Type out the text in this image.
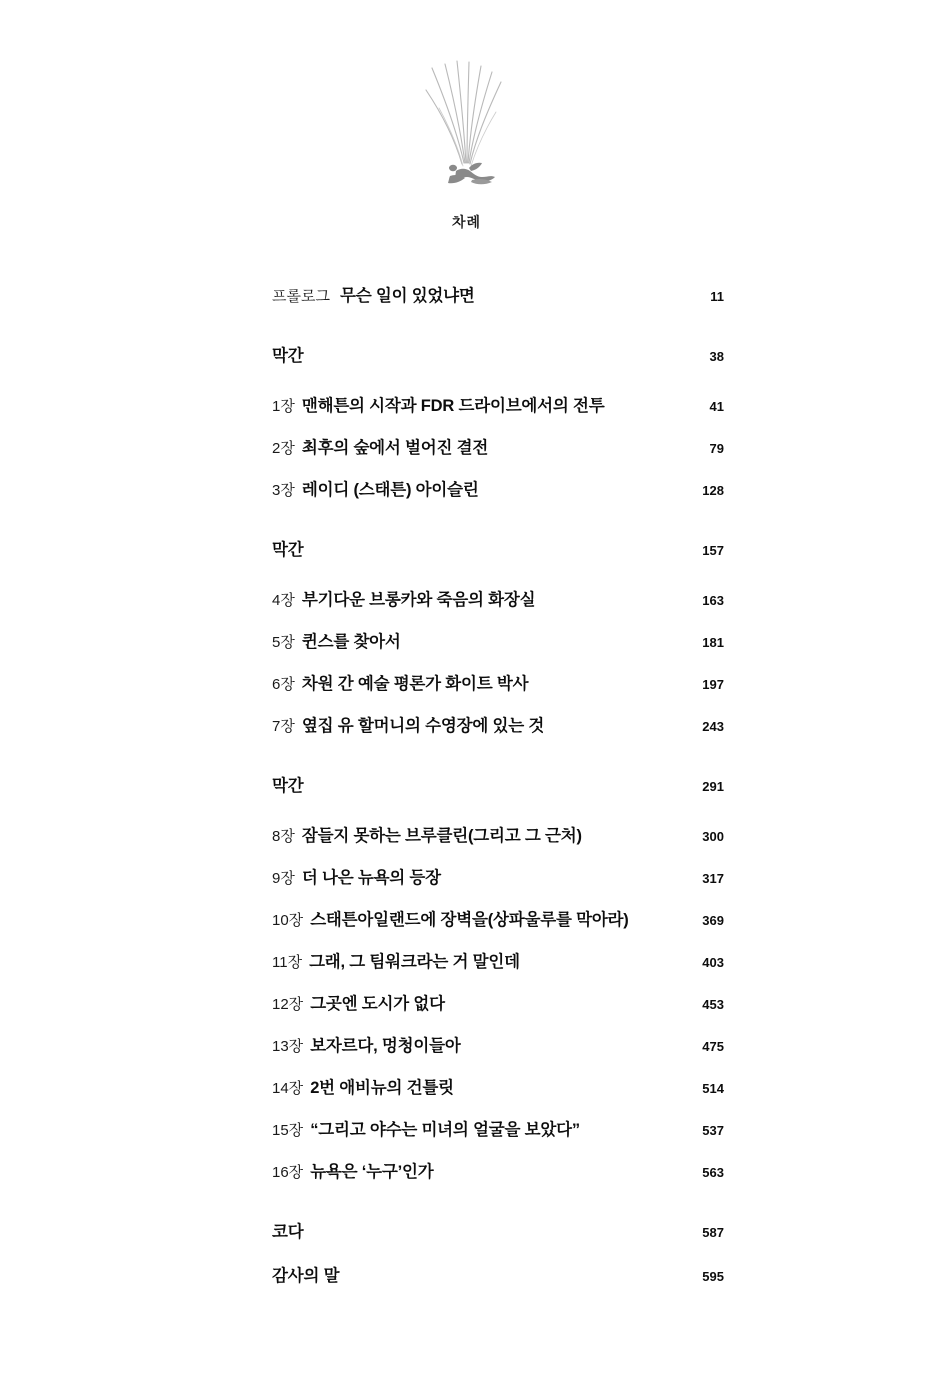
차례
프롤로그 무슨 일이 있었냐면	11
막간	38
1장 맨해튼의 시작과 FDR 드라이브에서의 전투	41
2장 최후의 숲에서 벌어진 결전	79
3장 레이디 (스태튼) 아이슬린	128
막간	157
4장 부기다운 브롱카와 죽음의 화장실	163
5장 퀸스를 찾아서	181
6장 차원 간 예술 평론가 화이트 박사	197
7장 옆집 유 할머니의 수영장에 있는 것	243
막간	291
8장 잠들지 못하는 브루클린(그리고 그 근처)	300
9장 더 나은 뉴욕의 등장	317
10장 스태튼아일랜드에 장벽을(상파울루를 막아라)	369
11장 그래, 그 팀워크라는 거 말인데	403
12장 그곳엔 도시가 없다	453
13장 보자르다, 멍청이들아	475
14장 2번 애비뉴의 건틀릿	514
15장 “그리고 야수는 미녀의 얼굴을 보았다”	537
16장 뉴욕은 ‘누구’인가	563
코다	587
감사의 말	595
